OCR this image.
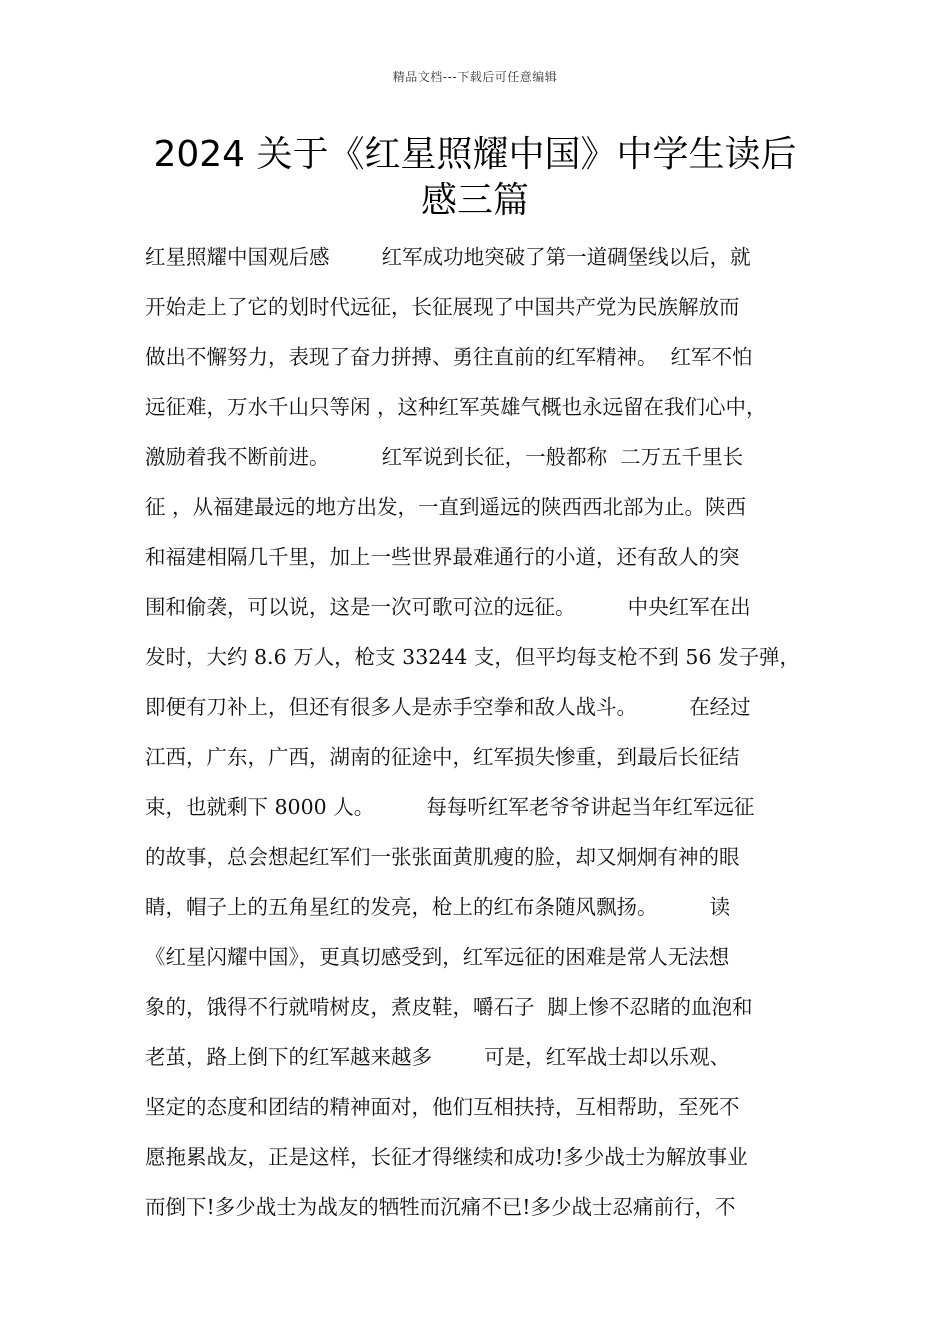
精品文档---下载后可任意编辑
2024 关于《红星照耀中国》中学生读后
感三篇
红星照耀中国观后感        红军成功地突破了第一道碉堡线以后，就
开始走上了它的划时代远征，长征展现了中国共产党为民族解放而
做出不懈努力，表现了奋力拼搏、勇往直前的红军精神。  红军不怕
远征难，万水千山只等闲 ，这种红军英雄气概也永远留在我们心中，
激励着我不断前进。        红军说到长征，一般都称  二万五千里长
征 ，从福建最远的地方出发，一直到遥远的陕西西北部为止。陕西
和福建相隔几千里，加上一些世界最难通行的小道，还有敌人的突
围和偷袭，可以说，这是一次可歌可泣的远征。        中央红军在出
发时，大约 8.6 万人，枪支 33244 支，但平均每支枪不到 56 发子弹，
即便有刀补上，但还有很多人是赤手空拳和敌人战斗。        在经过
江西，广东，广西，湖南的征途中，红军损失惨重，到最后长征结
束，也就剩下 8000 人。        每每听红军老爷爷讲起当年红军远征
的故事，总会想起红军们一张张面黄肌瘦的脸，却又炯炯有神的眼
睛，帽子上的五角星红的发亮，枪上的红布条随风飘扬。        读
《红星闪耀中国》，更真切感受到，红军远征的困难是常人无法想
象的，饿得不行就啃树皮，煮皮鞋，嚼石子  脚上惨不忍睹的血泡和
老茧，路上倒下的红军越来越多        可是，红军战士却以乐观、
坚定的态度和团结的精神面对，他们互相扶持，互相帮助，至死不
愿拖累战友，正是这样，长征才得继续和成功!多少战士为解放事业
而倒下!多少战士为战友的牺牲而沉痛不已!多少战士忍痛前行，不
